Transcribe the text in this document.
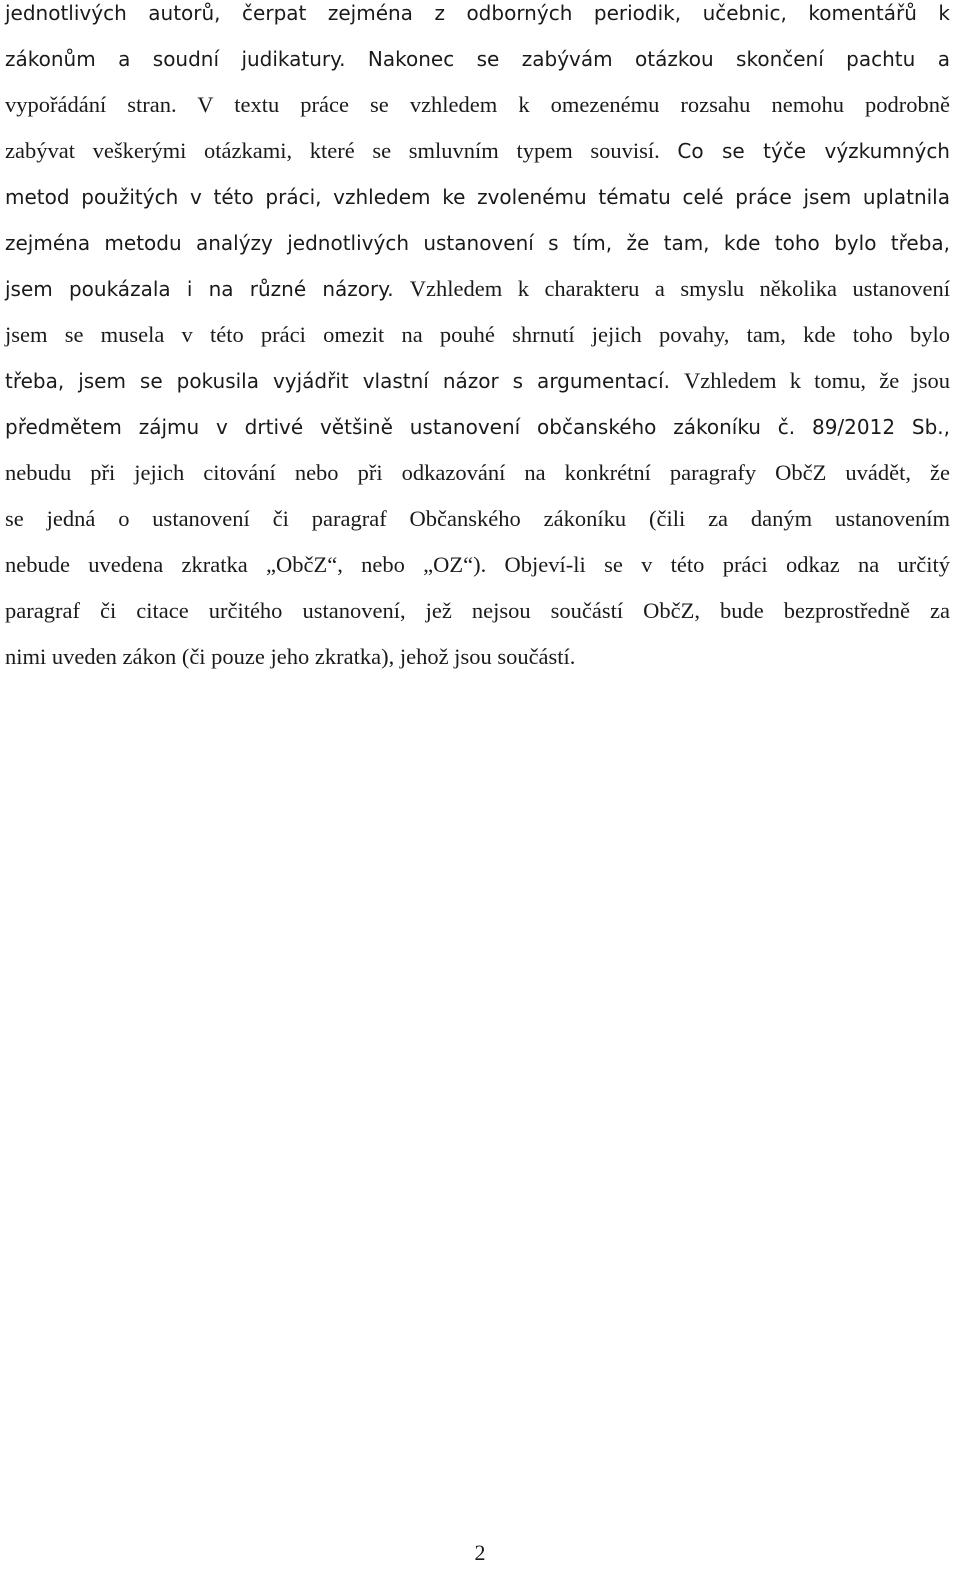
jednotlivých autorů, čerpat zejména z odborných periodik, učebnic, komentářů k
zákonům a soudní judikatury. Nakonec se zabývám otázkou skončení pachtu a
vypořádání stran. V textu práce se vzhledem k omezenému rozsahu nemohu podrobně
zabývat veškerými otázkami, které se smluvním typem souvisí. Co se týče výzkumných
metod použitých v této práci, vzhledem ke zvolenému tématu celé práce jsem uplatnila
zejména metodu analýzy jednotlivých ustanovení s tím, že tam, kde toho bylo třeba,
jsem poukázala i na různé názory. Vzhledem k charakteru a smyslu několika ustanovení
jsem se musela v této práci omezit na pouhé shrnutí jejich povahy, tam, kde toho bylo
třeba, jsem se pokusila vyjádřit vlastní názor s argumentací. Vzhledem k tomu, že jsou
předmětem zájmu v drtivé většině ustanovení občanského zákoníku č. 89/2012 Sb.,
nebudu při jejich citování nebo při odkazování na konkrétní paragrafy ObčZ uvádět, že
se jedná o ustanovení či paragraf Občanského zákoníku (čili za daným ustanovením
nebude uvedena zkratka „ObčZ“, nebo „OZ“). Objeví-li se v této práci odkaz na určitý
paragraf či citace určitého ustanovení, jež nejsou součástí ObčZ, bude bezprostředně za
nimi uveden zákon (či pouze jeho zkratka), jehož jsou součástí.
2
